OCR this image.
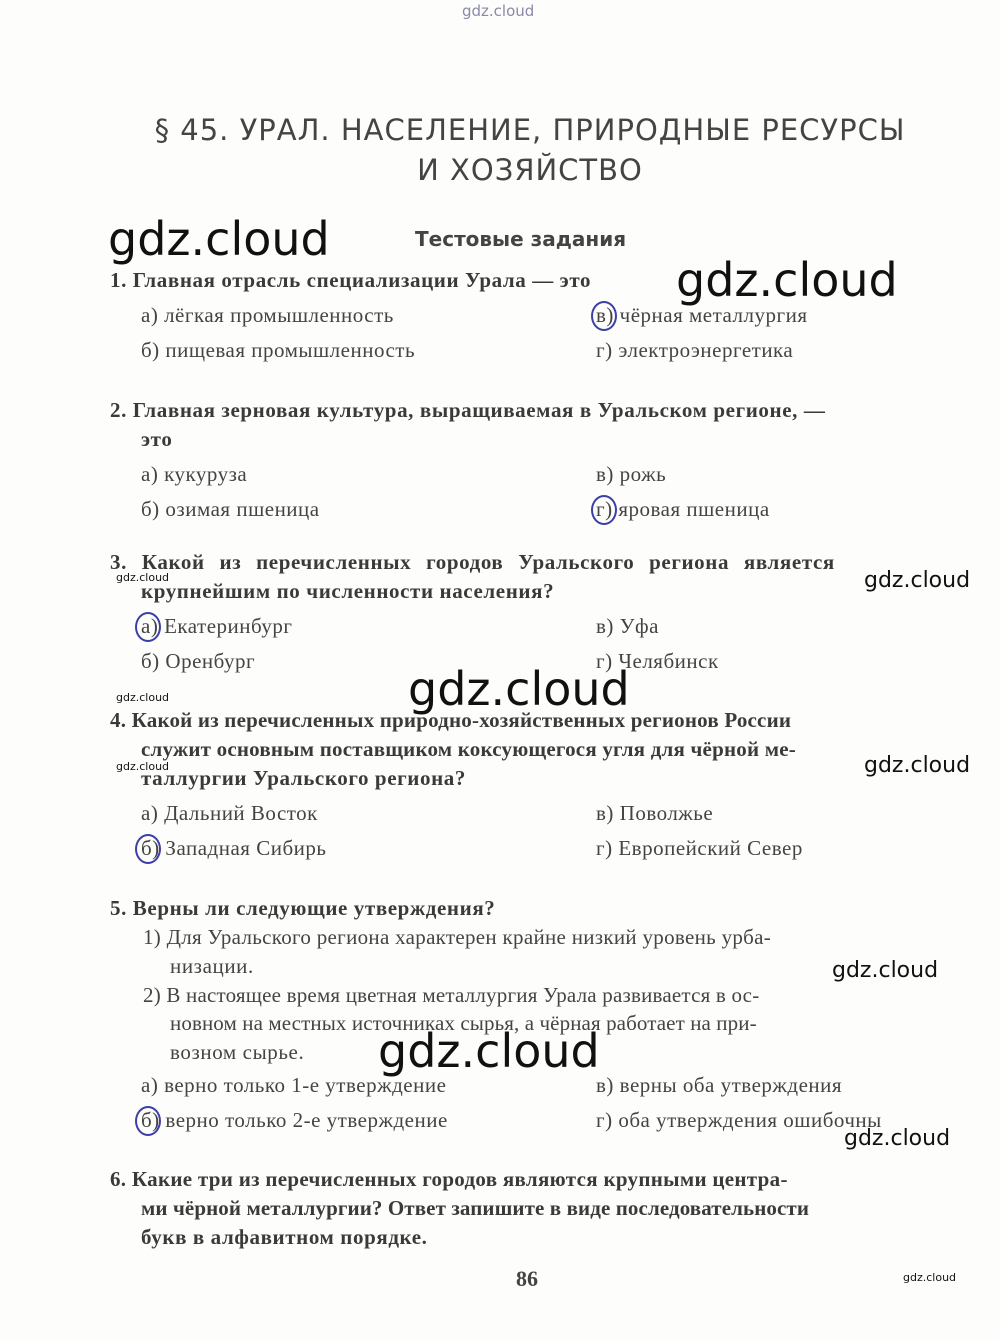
gdz.cloud
gdz.cloud
gdz.cloud
gdz.cloud
gdz.cloud
gdz.cloud
gdz.cloud
gdz.cloud
gdz.cloud
gdz.cloud
gdz.cloud
gdz.cloud
gdz.cloud
§ 45. УРАЛ. НАСЕЛЕНИЕ, ПРИРОДНЫЕ РЕСУРСЫ
И ХОЗЯЙСТВО
Тестовые задания
1. Главная отрасль специализации Урала — это
а) лёгкая промышленность	в) чёрная металлургия
б) пищевая промышленность	г) электроэнергетика
2. Главная зерновая культура, выращиваемая в Уральском регионе, —
это
а) кукуруза	в) рожь
б) озимая пшеница	г) яровая пшеница
3. Какой из перечисленных городов Уральского региона является
крупнейшим по численности населения?
а) Екатеринбург	в) Уфа
б) Оренбург	г) Челябинск
4. Какой из перечисленных природно-хозяйственных регионов России
служит основным поставщиком коксующегося угля для чёрной ме-
таллургии Уральского региона?
а) Дальний Восток	в) Поволжье
б) Западная Сибирь	г) Европейский Север
5. Верны ли следующие утверждения?
1) Для Уральского региона характерен крайне низкий уровень урба-
низации.
2) В настоящее время цветная металлургия Урала развивается в ос-
новном на местных источниках сырья, а чёрная работает на при-
возном сырье.
а) верно только 1-е утверждение	в) верны оба утверждения
б) верно только 2-е утверждение	г) оба утверждения ошибочны
6. Какие три из перечисленных городов являются крупными центра-
ми чёрной металлургии? Ответ запишите в виде последовательности
букв в алфавитном порядке.
86
